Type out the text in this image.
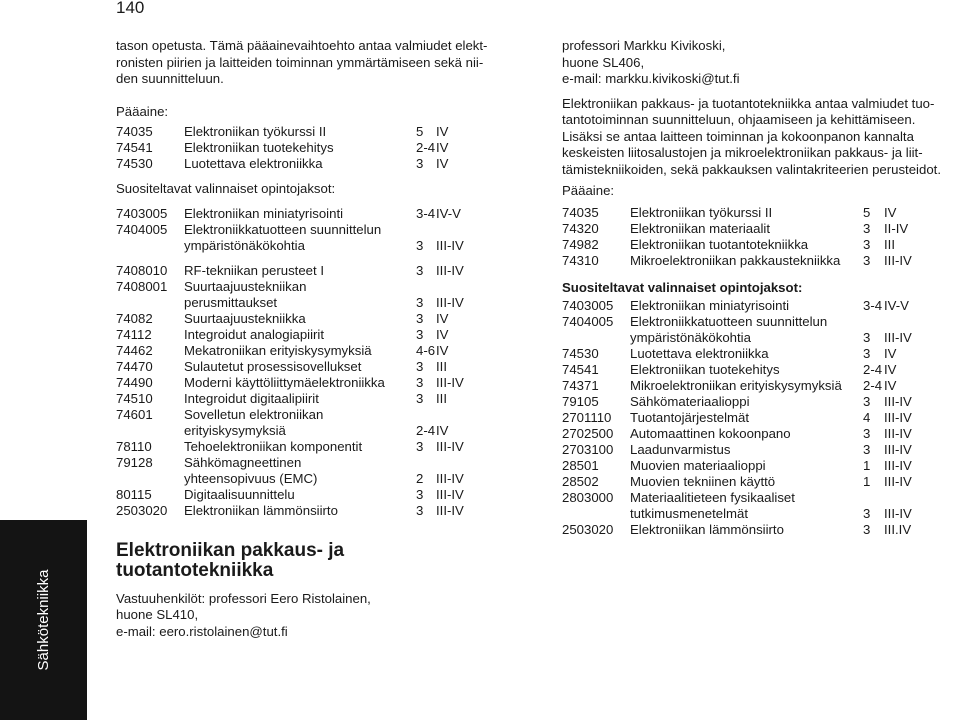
140
Sähkötekniikka

tason opetusta. Tämä pääainevaihtoehto antaa valmiudet elekt-

ronisten piirien ja laitteiden toiminnan ymmärtämiseen sekä nii-

den suunnitteluun.

Pääaine:
74035 Elektroniikan työkurssi II	5 IV
74541 Elektroniikan tuotekehitys	2-4 IV
74530 Luotettava elektroniikka	3 IV
Suositeltavat valinnaiset opintojaksot:
7403005 Elektroniikan miniatyrisointi	3-4 IV-V
7404005 Elektroniikkatuotteen suunnittelun
ympäristönäkökohtia	3 III-IV
7408010 RF-tekniikan perusteet I	3 III-IV
7408001 Suurtaajuustekniikan
perusmittaukset	3 III-IV
74082 Suurtaajuustekniikka	3 IV
74112 Integroidut analogiapiirit	3 IV
74462 Mekatroniikan erityiskysymyksiä	4-6 IV
74470 Sulautetut prosessisovellukset	3 III
74490 Moderni käyttöliittymäelektroniikka 3 III-IV
74510 Integroidut digitaalipiirit	3 III
74601 Sovelletun elektroniikan
erityiskysymyksiä	2-4 IV
78110 Tehoelektroniikan komponentit	3 III-IV
79128 Sähkömagneettinen
yhteensopivuus (EMC)	2 III-IV
80115 Digitaalisuunnittelu	3 III-IV
2503020 Elektroniikan lämmönsiirto	3 III-IV
Elektroniikan pakkaus- ja
tuotantotekniikka
Vastuuhenkilöt: professori Eero Ristolainen,
huone SL410,
e-mail: eero.ristolainen@tut.fi
professori Markku Kivikoski,
huone SL406,
e-mail: markku.kivikoski@tut.fi

Elektroniikan pakkaus- ja tuotantotekniikka antaa valmiudet tuo-

tantotoiminnan suunnitteluun, ohjaamiseen ja kehittämiseen.

Lisäksi se antaa laitteen toiminnan ja kokoonpanon kannalta

keskeisten liitosalustojen ja mikroelektroniikan pakkaus- ja liit-

tämistekniikoiden, sekä pakkauksen valintakriteerien perusteidot.

Pääaine:
74035 Elektroniikan työkurssi II	5 IV
74320 Elektroniikan materiaalit	3 II-IV
74982 Elektroniikan tuotantotekniikka	3 III
74310 Mikroelektroniikan pakkaustekniikka 3 III-IV
Suositeltavat valinnaiset opintojaksot:
7403005 Elektroniikan miniatyrisointi	3-4 IV-V
7404005 Elektroniikkatuotteen suunnittelun
ympäristönäkökohtia	3 III-IV
74530 Luotettava elektroniikka	3 IV
74541 Elektroniikan tuotekehitys	2-4 IV
74371 Mikroelektroniikan erityiskysymyksiä 2-4 IV
79105 Sähkömateriaalioppi	3 III-IV
2701110 Tuotantojärjestelmät	4 III-IV
2702500 Automaattinen kokoonpano	3 III-IV
2703100 Laadunvarmistus	3 III-IV
28501 Muovien materiaalioppi	1 III-IV
28502 Muovien tekniinen käyttö	1 III-IV
2803000 Materiaalitieteen fysikaaliset
tutkimusmenetelmät	3 III-IV
2503020 Elektroniikan lämmönsiirto	3 III.IV
